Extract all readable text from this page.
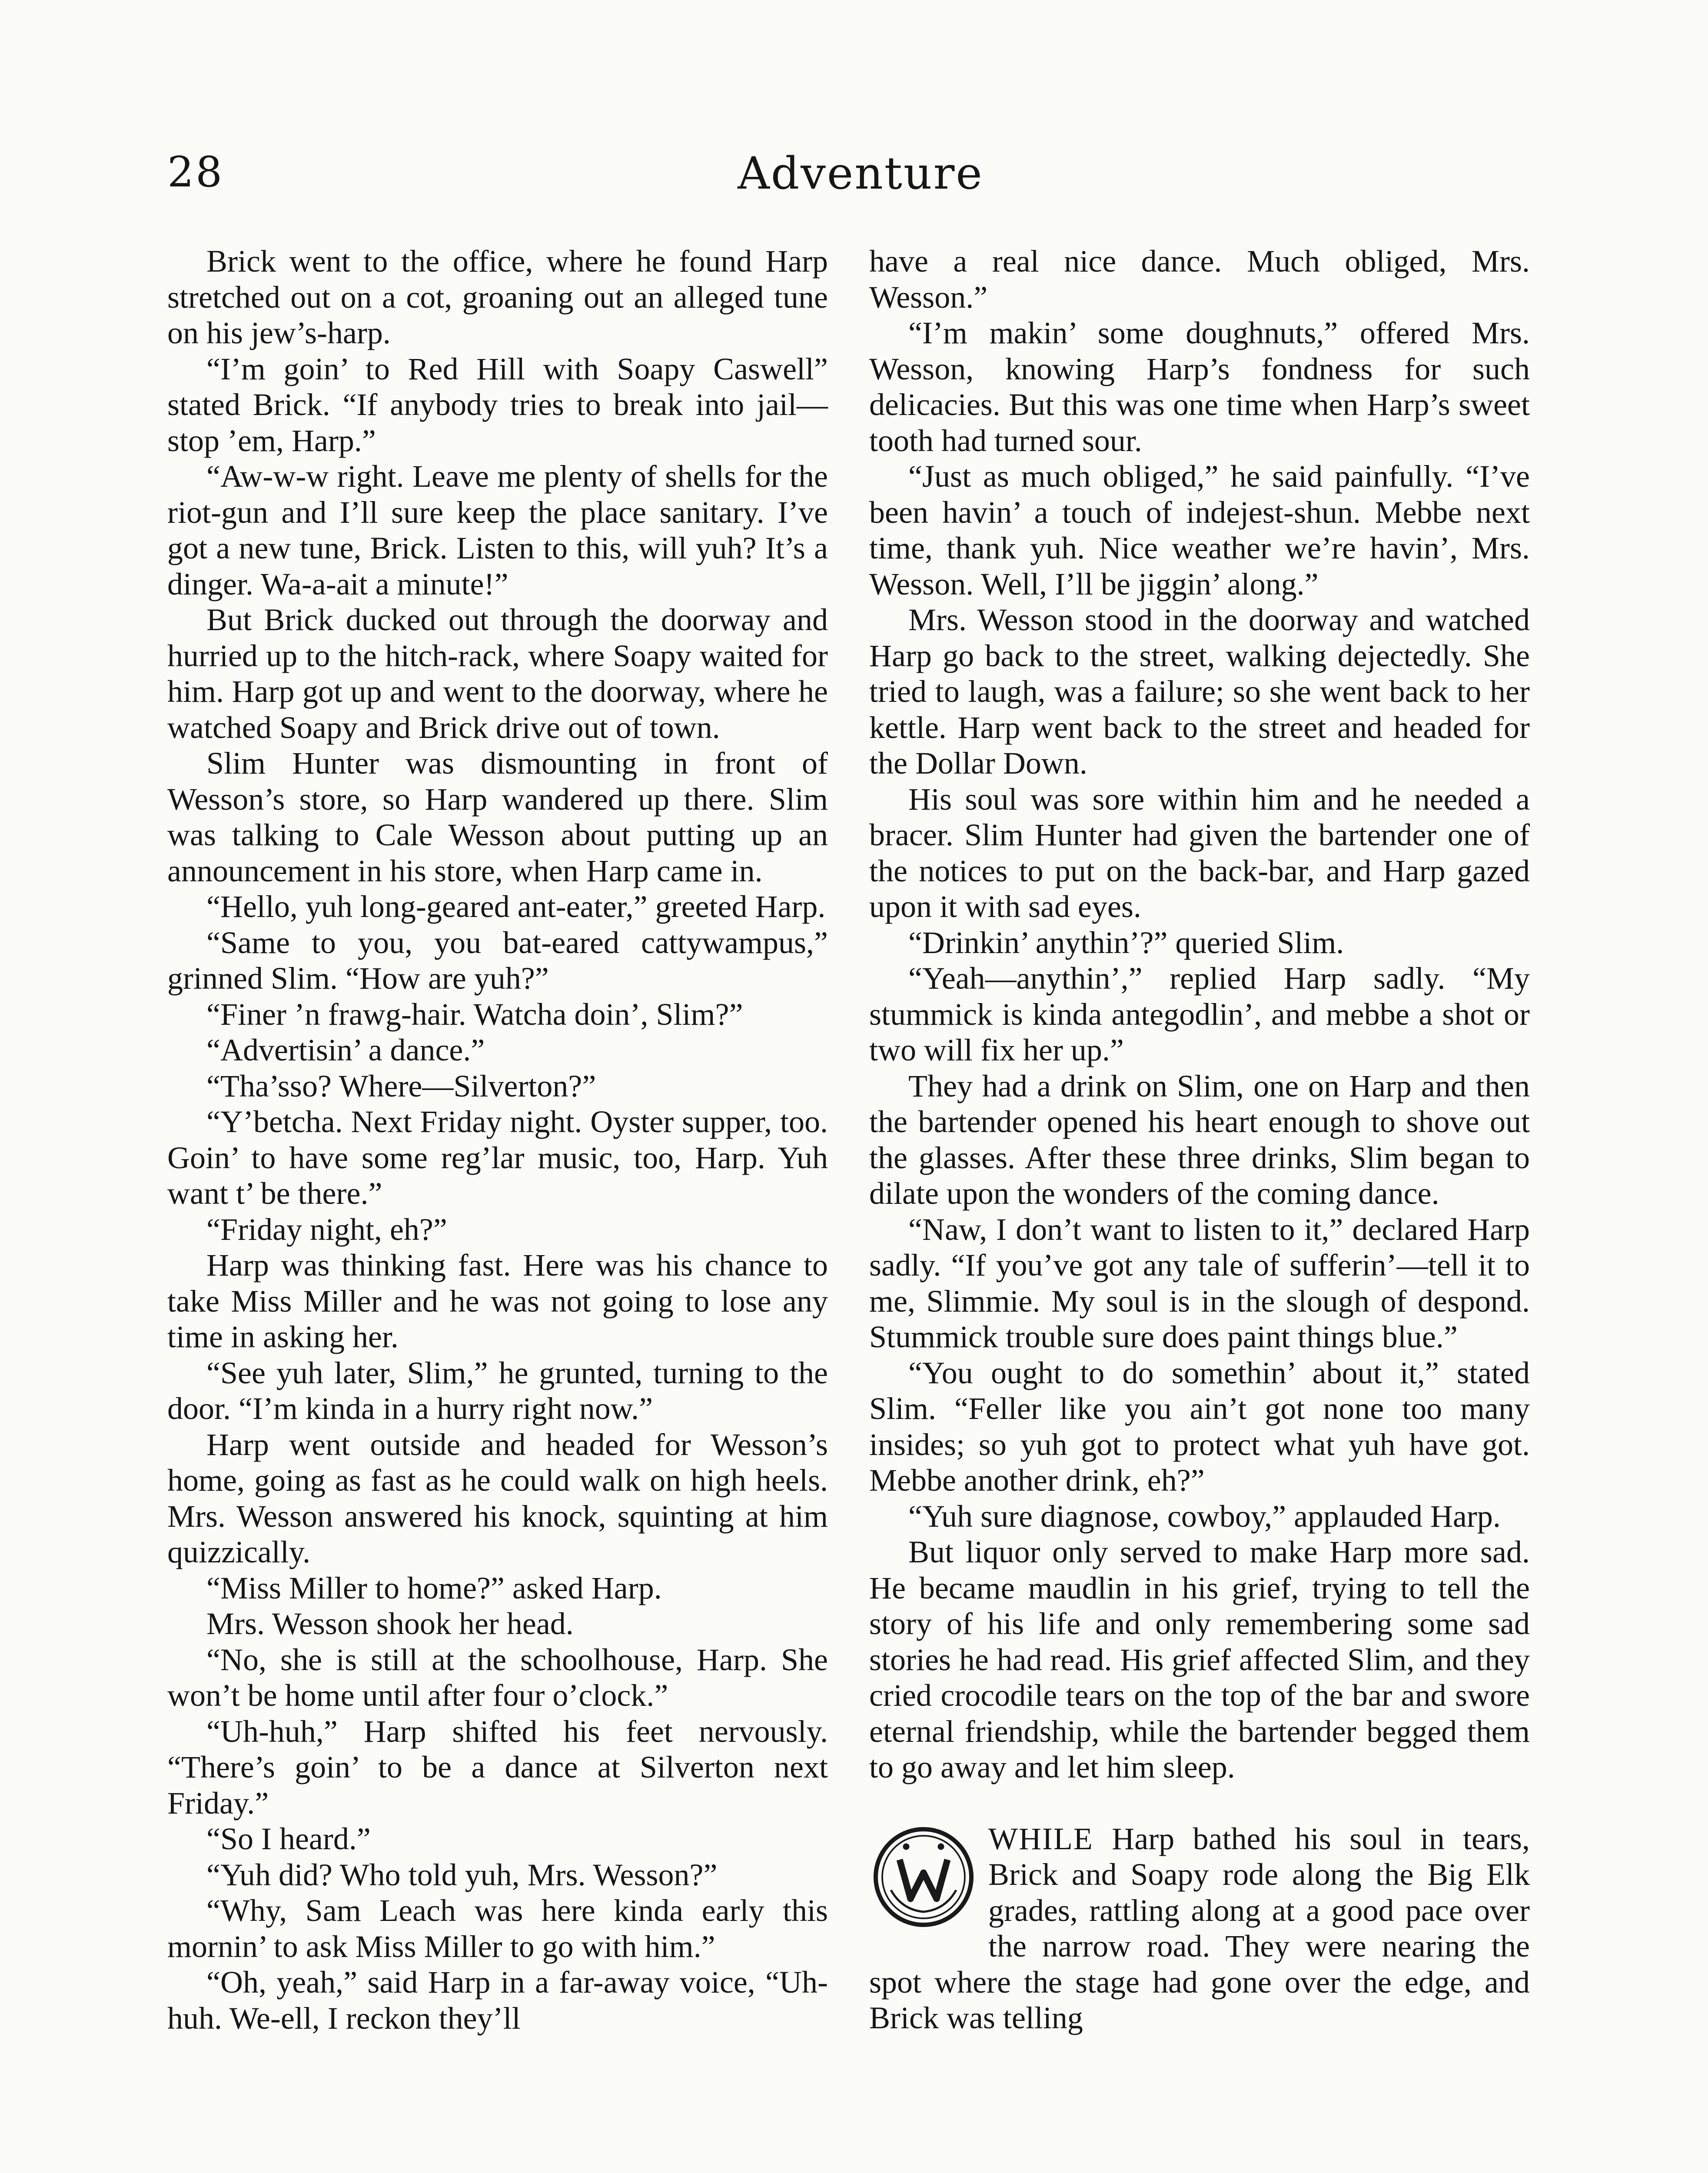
28	Adventure

Brick went to the office, where he found Harp stretched out on a cot, groaning out an alleged tune on his jew’s-harp.

“I’m goin’ to Red Hill with Soapy Caswell” stated Brick. “If anybody tries to break into jail—stop ’em, Harp.”

“Aw-w-w right. Leave me plenty of shells for the riot-gun and I’ll sure keep the place sanitary. I’ve got a new tune, Brick. Listen to this, will yuh? It’s a dinger. Wa-a-ait a minute!”

But Brick ducked out through the doorway and hurried up to the hitch-rack, where Soapy waited for him. Harp got up and went to the doorway, where he watched Soapy and Brick drive out of town.

Slim Hunter was dismounting in front of Wesson’s store, so Harp wandered up there. Slim was talking to Cale Wesson about putting up an announcement in his store, when Harp came in.

“Hello, yuh long-geared ant-eater,” greeted Harp.

“Same to you, you bat-eared cattywampus,” grinned Slim. “How are yuh?”

“Finer ’n frawg-hair. Watcha doin’, Slim?”

“Advertisin’ a dance.”

“Tha’sso? Where—Silverton?”

“Y’betcha. Next Friday night. Oyster supper, too. Goin’ to have some reg’lar music, too, Harp. Yuh want t’ be there.”

“Friday night, eh?”

Harp was thinking fast. Here was his chance to take Miss Miller and he was not going to lose any time in asking her.

“See yuh later, Slim,” he grunted, turning to the door. “I’m kinda in a hurry right now.”

Harp went outside and headed for Wesson’s home, going as fast as he could walk on high heels. Mrs. Wesson answered his knock, squinting at him quizzically.

“Miss Miller to home?” asked Harp.

Mrs. Wesson shook her head.

“No, she is still at the schoolhouse, Harp. She won’t be home until after four o’clock.”

“Uh-huh,” Harp shifted his feet nervously. “There’s goin’ to be a dance at Silverton next Friday.”

“So I heard.”

“Yuh did? Who told yuh, Mrs. Wesson?”

“Why, Sam Leach was here kinda early this mornin’ to ask Miss Miller to go with him.”

“Oh, yeah,” said Harp in a far-away voice, “Uh-huh. We-ell, I reckon they’ll

have a real nice dance. Much obliged, Mrs. Wesson.”

“I’m makin’ some doughnuts,” offered Mrs. Wesson, knowing Harp’s fondness for such delicacies. But this was one time when Harp’s sweet tooth had turned sour.

“Just as much obliged,” he said painfully. “I’ve been havin’ a touch of indejest-shun. Mebbe next time, thank yuh. Nice weather we’re havin’, Mrs. Wesson. Well, I’ll be jiggin’ along.”

Mrs. Wesson stood in the doorway and watched Harp go back to the street, walking dejectedly. She tried to laugh, was a failure; so she went back to her kettle. Harp went back to the street and headed for the Dollar Down.

His soul was sore within him and he needed a bracer. Slim Hunter had given the bartender one of the notices to put on the back-bar, and Harp gazed upon it with sad eyes.

“Drinkin’ anythin’?” queried Slim.

“Yeah—anythin’,” replied Harp sadly. “My stummick is kinda antegodlin’, and mebbe a shot or two will fix her up.”

They had a drink on Slim, one on Harp and then the bartender opened his heart enough to shove out the glasses. After these three drinks, Slim began to dilate upon the wonders of the coming dance.

“Naw, I don’t want to listen to it,” declared Harp sadly. “If you’ve got any tale of sufferin’—tell it to me, Slimmie. My soul is in the slough of despond. Stummick trouble sure does paint things blue.”

“You ought to do somethin’ about it,” stated Slim. “Feller like you ain’t got none too many insides; so yuh got to protect what yuh have got. Mebbe another drink, eh?”

“Yuh sure diagnose, cowboy,” applauded Harp.

But liquor only served to make Harp more sad. He became maudlin in his grief, trying to tell the story of his life and only remembering some sad stories he had read. His grief affected Slim, and they cried crocodile tears on the top of the bar and swore eternal friendship, while the bartender begged them to go away and let him sleep.

WHILE Harp bathed his soul in tears, Brick and Soapy rode along the Big Elk grades, rattling along at a good pace over the narrow road. They were nearing the spot where the stage had gone over the edge, and Brick was telling
